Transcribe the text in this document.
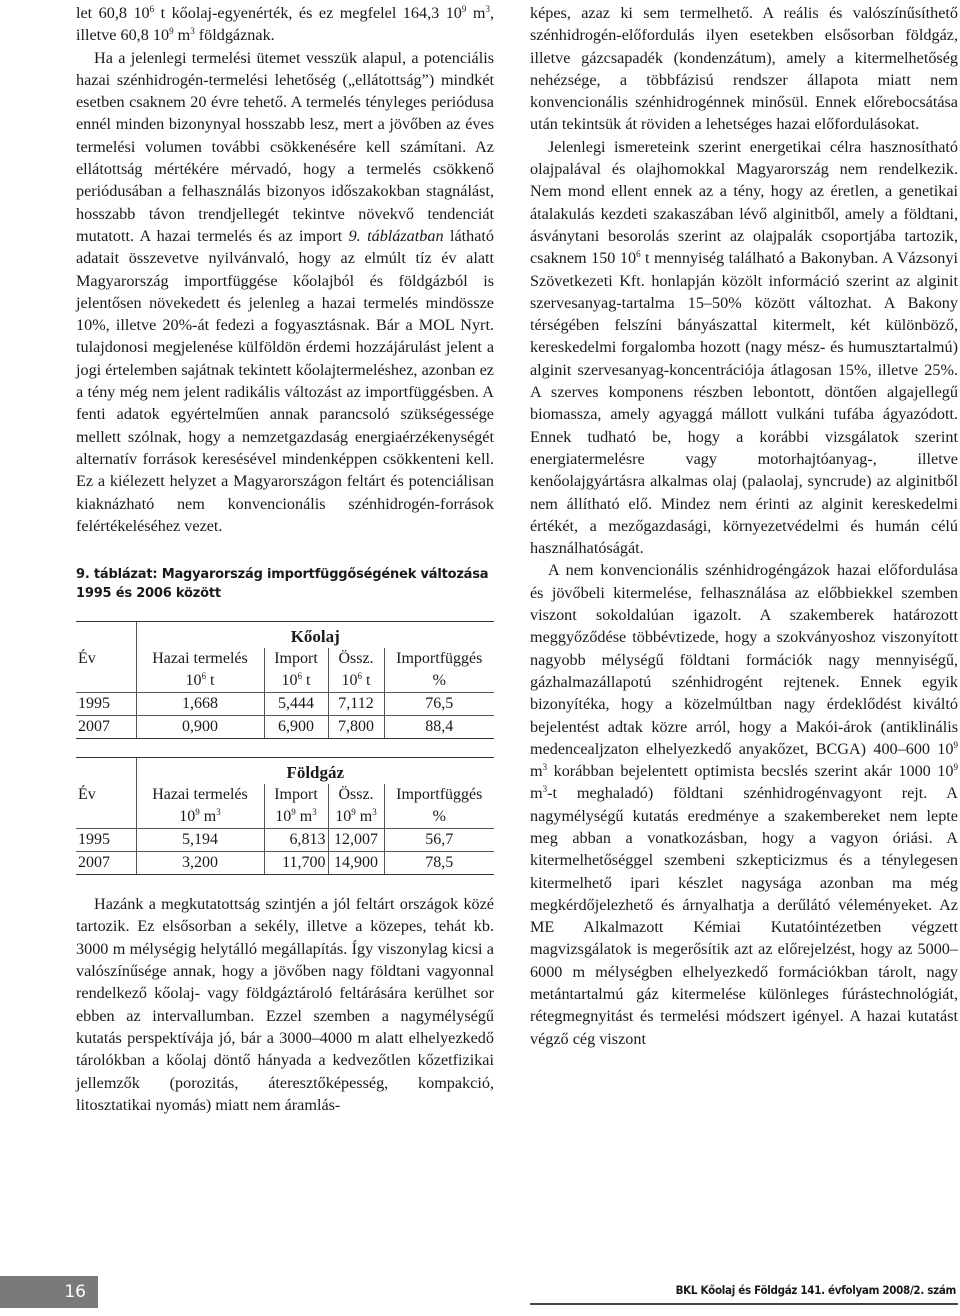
let 60,8 $10^6$ t kőolaj-egyenérték, és ez megfelel 164,3 $10^9$ $m^3$, illetve 60,8 $10^9$ $m^3$ földgáznak.

Ha a jelenlegi termelési ütemet vesszük alapul, a potenciális hazai szénhidrogén-termelési lehetőség („ellátottság”) mindkét esetben csaknem 20 évre tehető. A termelés tényleges periódusa ennél minden bizonynyal hosszabb lesz, mert a jövőben az éves termelési volumen további csökkenésére kell számítani. Az ellátottság mértékére mérvadó, hogy a termelés csökkenő periódusában a felhasználás bizonyos időszakokban stagnálást, hosszabb távon trendjellegét tekintve növekvő tendenciát mutatott. A hazai termelés és az import 9. táblázatban látható adatait összevetve nyilvánvaló, hogy az elmúlt tíz év alatt Magyarország importfüggése kőolajból és földgázból is jelentősen növekedett és jelenleg a hazai termelés mindössze 10%, illetve 20%-át fedezi a fogyasztásnak. Bár a MOL Nyrt. tulajdonosi megjelenése külföldön érdemi hozzájárulást jelent a jogi értelemben sajátnak tekintett kőolajtermeléshez, azonban ez a tény még nem jelent radikális változást az importfüggésben. A fenti adatok egyértelműen annak parancsoló szükségessége mellett szólnak, hogy a nemzetgazdaság energiaérzékenységét alternatív források keresésével mindenképpen csökkenteni kell. Ez a kiélezett helyzet a Magyarországon feltárt és potenciálisan kiaknázható nem konvencionális szénhidrogén-források felértékeléséhez vezet.

9. táblázat: Magyarország importfüggőségének változása 1995 és 2006 között
	Kőolaj			
Év	Hazai termelés	Import	Össz.	Importfüggés
	$10^6$ t	$10^6$ t	$10^6$ t	%
1995	1,668	5,444	7,112	76,5
2007	0,900	6,900	7,800	88,4
	Földgáz			
Év	Hazai termelés	Import	Össz.	Importfüggés
	$10^9$ $m^3$	$10^9$ $m^3$	$10^9$ $m^3$	%
1995	5,194	6,813	12,007	56,7
2007	3,200	11,700	14,900	78,5

Hazánk a megkutatottság szintjén a jól feltárt országok közé tartozik. Ez elsősorban a sekély, illetve a közepes, tehát kb. 3000 m mélységig helytálló megállapítás. Így viszonylag kicsi a valószínűsége annak, hogy a jövőben nagy földtani vagyonnal rendelkező kőolaj- vagy földgáztároló feltárására kerülhet sor ebben az intervallumban. Ezzel szemben a nagymélységű kutatás perspektívája jó, bár a 3000–4000 m alatt elhelyezkedő tárolókban a kőolaj döntő hányada a kedvezőtlen kőzetfizikai jellemzők (porozitás, áteresztőképesség, kompakció, litosztatikai nyomás) miatt nem áramlás-

képes, azaz ki sem termelhető. A reális és valószínűsíthető szénhidrogén-előfordulás ilyen esetekben elsősorban földgáz, illetve gázcsapadék (kondenzátum), amely a kitermelhetőség nehézsége, a többfázisú rendszer állapota miatt nem konvencionális szénhidrogénnek minősül. Ennek előrebocsátása után tekintsük át röviden a lehetséges hazai előfordulásokat.

Jelenlegi ismereteink szerint energetikai célra hasznosítható olajpalával és olajhomokkal Magyarország nem rendelkezik. Nem mond ellent ennek az a tény, hogy az éretlen, a genetikai átalakulás kezdeti szakaszában lévő alginitből, amely a földtani, ásványtani besorolás szerint az olajpalák csoportjába tartozik, csaknem 150 $10^6$ t mennyiség található a Bakonyban. A Vázsonyi Szövetkezeti Kft. honlapján közölt információ szerint az alginit szervesanyag-tartalma 15–50% között változhat. A Bakony térségében felszíni bányászattal kitermelt, két különböző, kereskedelmi forgalomba hozott (nagy mész- és humusztartalmú) alginit szervesanyag-koncentrációja átlagosan 15%, illetve 25%. A szerves komponens részben lebontott, döntően algajellegű biomassza, amely agyaggá mállott vulkáni tufába ágyazódott. Ennek tudható be, hogy a korábbi vizsgálatok szerint energiatermelésre vagy motorhajtóanyag-, illetve kenőolajgyártásra alkalmas olaj (palaolaj, syncrude) az alginitből nem állítható elő. Mindez nem érinti az alginit kereskedelmi értékét, a mezőgazdasági, környezetvédelmi és humán célú használhatóságát.

A nem konvencionális szénhidrogéngázok hazai előfordulása és jövőbeli kitermelése, felhasználása az előbbiekkel szemben viszont sokoldalúan igazolt. A szakemberek határozott meggyőződése többévtizede, hogy a szokványoshoz viszonyított nagyobb mélységű földtani formációk nagy mennyiségű, gázhalmazállapotú szénhidrogént rejtenek. Ennek egyik bizonyítéka, hogy a közelmúltban nagy érdeklődést kiváltó bejelentést adtak közre arról, hogy a Makói-árok (antiklinális medencealjzaton elhelyezkedő anyakőzet, BCGA) 400–600 $10^9$ $m^3$ korábban bejelentett optimista becslés szerint akár 1000 $10^9$ $m^3-t$ meghaladó) földtani szénhidrogénvagyont rejt. A nagymélységű kutatás eredménye a szakembereket nem lepte meg abban a vonatkozásban, hogy a vagyon óriási. A kitermelhetőséggel szembeni szkepticizmus és a ténylegesen kitermelhető ipari készlet nagysága azonban ma még megkérdőjelezhető és árnyalhatja a derűlátó véleményeket. Az ME Alkalmazott Kémiai Kutatóintézetben végzett magvizsgálatok is megerősítik azt az előrejelzést, hogy az 5000–6000 m mélységben elhelyezkedő formációkban tárolt, nagy metántartalmú gáz kitermelése különleges fúrástechnológiát, rétegmegnyitást és termelési módszert igényel. A hazai kutatást végző cég viszont

16	BKL Kőolaj és Földgáz 141. évfolyam 2008/2. szám
